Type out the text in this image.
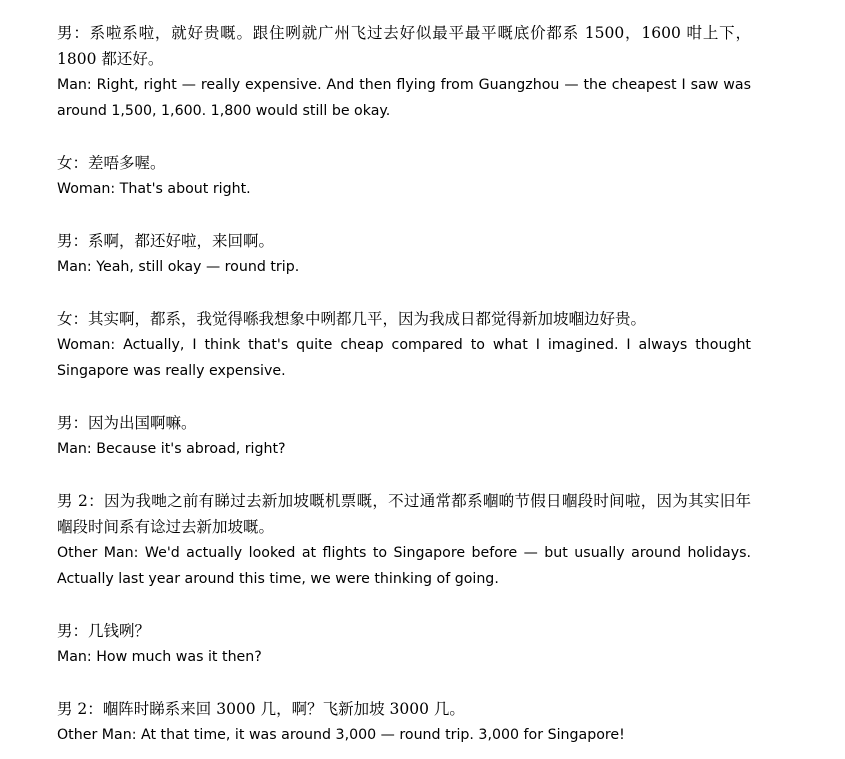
男：系啦系啦，就好贵嘅。跟住咧就广州飞过去好似最平最平嘅底价都系 1500，1600 咁上下，1800 都还好。

Man: Right, right — really expensive. And then flying from Guangzhou — the cheapest I saw was around 1,500, 1,600. 1,800 would still be okay.

女：差唔多喔。

Woman: That's about right.

男：系啊，都还好啦，来回啊。

Man: Yeah, still okay — round trip.

女：其实啊，都系，我觉得喺我想象中咧都几平，因为我成日都觉得新加坡嗰边好贵。

Woman: Actually, I think that's quite cheap compared to what I imagined. I always thought Singapore was really expensive.

男：因为出国啊嘛。

Man: Because it's abroad, right?

男 2：因为我哋之前有睇过去新加坡嘅机票嘅，不过通常都系嗰啲节假日嗰段时间啦，因为其实旧年嗰段时间系有谂过去新加坡嘅。

Other Man: We'd actually looked at flights to Singapore before — but usually around holidays. Actually last year around this time, we were thinking of going.

男：几钱咧？

Man: How much was it then?

男 2：嗰阵时睇系来回 3000 几，啊？飞新加坡 3000 几。

Other Man: At that time, it was around 3,000 — round trip. 3,000 for Singapore!
